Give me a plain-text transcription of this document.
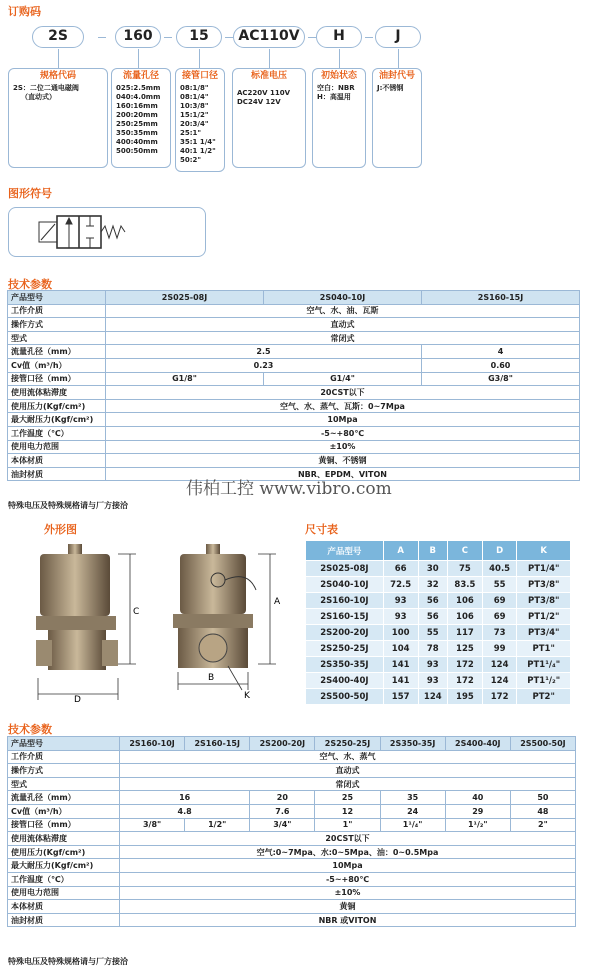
订购码
2S	160	15	AC110V	H	J
规格代码
2S：二位二通电磁阀
（直动式）
流量孔径
025:2.5mm
040:4.0mm
160:16mm
200:20mm
250:25mm
350:35mm
400:40mm
500:50mm
接管口径
08:1/8"
08:1/4"
10:3/8"
15:1/2"
20:3/4"
25:1"
35:1 1/4"
40:1 1/2"
50:2"
标准电压
AC220V 110V
DC24V 12V
初始状态
空白：NBR
H：高温用
油封代号
J:不锈钢
图形符号
技术参数
产品型号	2S025-08J	2S040-10J	2S160-15J
工作介质	空气、水、油、瓦斯		
操作方式	直动式		
型式	常闭式		
流量孔径（mm）	2.5		4
Cv值（m³/h）	0.23		0.60
接管口径（mm）	G1/8"	G1/4"	G3/8"
使用流体粘滞度	20CST以下		
使用压力(Kgf/cm²)	空气、水、蒸气、瓦斯：0~7Mpa		
最大耐压力(Kgf/cm²)	10Mpa		
工作温度（℃）	-5~+80℃		
使用电力范围	±10%		
本体材质	黄铜、不锈钢		
油封材质	NBR、EPDM、VITON		
特殊电压及特殊规格请与厂方接洽
伟柏工控 www.vibro.com
外形图
C
D
A
B
K
尺寸表
产品型号	A	B	C	D	K
2S025-08J	66	30	75	40.5	PT1/4"
2S040-10J	72.5	32	83.5	55	PT3/8"
2S160-10J	93	56	106	69	PT3/8"
2S160-15J	93	56	106	69	PT1/2"
2S200-20J	100	55	117	73	PT3/4"
2S250-25J	104	78	125	99	PT1"
2S350-35J	141	93	172	124	PT1¹/₄"
2S400-40J	141	93	172	124	PT1¹/₂"
2S500-50J	157	124	195	172	PT2"
技术参数
产品型号	2S160-10J	2S160-15J	2S200-20J	2S250-25J	2S350-35J	2S400-40J	2S500-50J
工作介质	空气、水、蒸气						
操作方式	直动式						
型式	常闭式						
流量孔径（mm）	16		20	25	35	40	50
Cv值（m³/h）	4.8		7.6	12	24	29	48
接管口径（mm）	3/8"	1/2"	3/4"	1"	1¹/₄"	1¹/₂"	2"
使用流体粘滞度	20CST以下						
使用压力(Kgf/cm²)	空气:0~7Mpa、水:0~5Mpa、油：0~0.5Mpa						
最大耐压力(Kgf/cm²)	10Mpa						
工作温度（℃）	-5~+80℃						
使用电力范围	±10%						
本体材质	黄铜						
油封材质	NBR 或VITON						
特殊电压及特殊规格请与厂方接洽
